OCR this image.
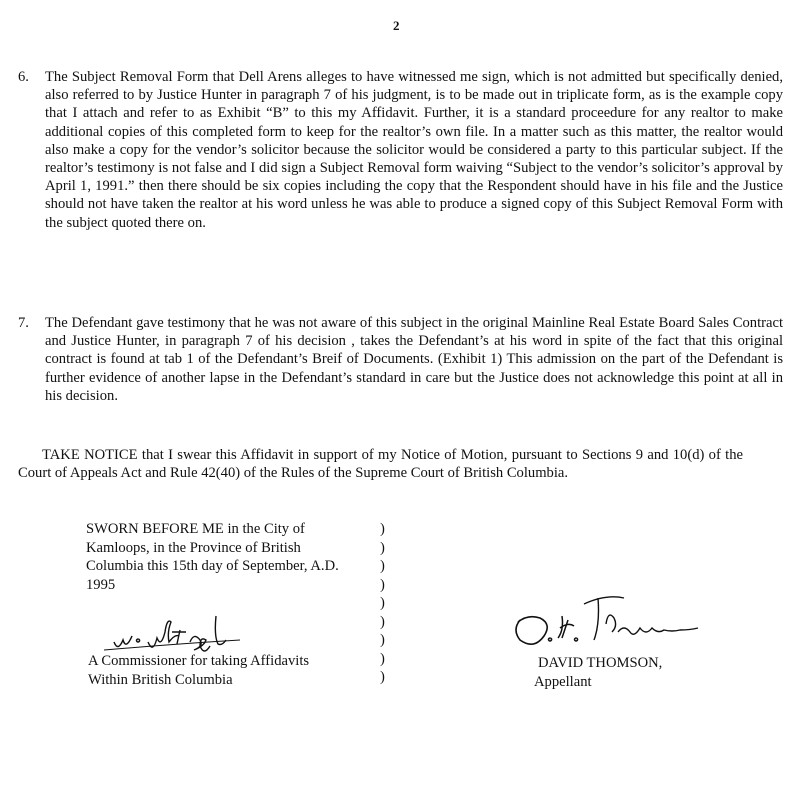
2
6. The Subject Removal Form that Dell Arens alleges to have witnessed me sign, which is not admitted but specifically denied, also referred to by Justice Hunter in paragraph 7 of his judgment, is to be made out in triplicate form, as is the example copy that I attach and refer to as Exhibit “B” to this my Affidavit. Further, it is a standard proceedure for any realtor to make additional copies of this completed form to keep for the realtor’s own file. In a matter such as this matter, the realtor would also make a copy for the vendor’s solicitor because the solicitor would be considered a party to this particular subject. If the realtor’s testimony is not false and I did sign a Subject Removal form waiving “Subject to the vendor’s solicitor’s approval by April 1, 1991.” then there should be six copies including the copy that the Respondent should have in his file and the Justice should not have taken the realtor at his word unless he was able to produce a signed copy of this Subject Removal Form with the subject quoted there on.
7. The Defendant gave testimony that he was not aware of this subject in the original Mainline Real Estate Board Sales Contract and Justice Hunter, in paragraph 7 of his decision , takes the Defendant’s at his word in spite of the fact that this original contract is found at tab 1 of the Defendant’s Breif of Documents. (Exhibit 1) This admission on the part of the Defendant is further evidence of another lapse in the Defendant’s standard in care but the Justice does not acknowledge this point at all in his decision.
TAKE NOTICE that I swear this Affidavit in support of my Notice of Motion, pursuant to Sections 9 and 10(d) of the Court of Appeals Act and Rule 42(40) of the Rules of the Supreme Court of British Columbia.
SWORN BEFORE ME in the City of
Kamloops, in the Province of British
Columbia this 15th day of September, A.D.
1995
)
)
)
)
)
)
)
)
)
A Commissioner for taking Affidavits
Within British Columbia
DAVID THOMSON,
Appellant
